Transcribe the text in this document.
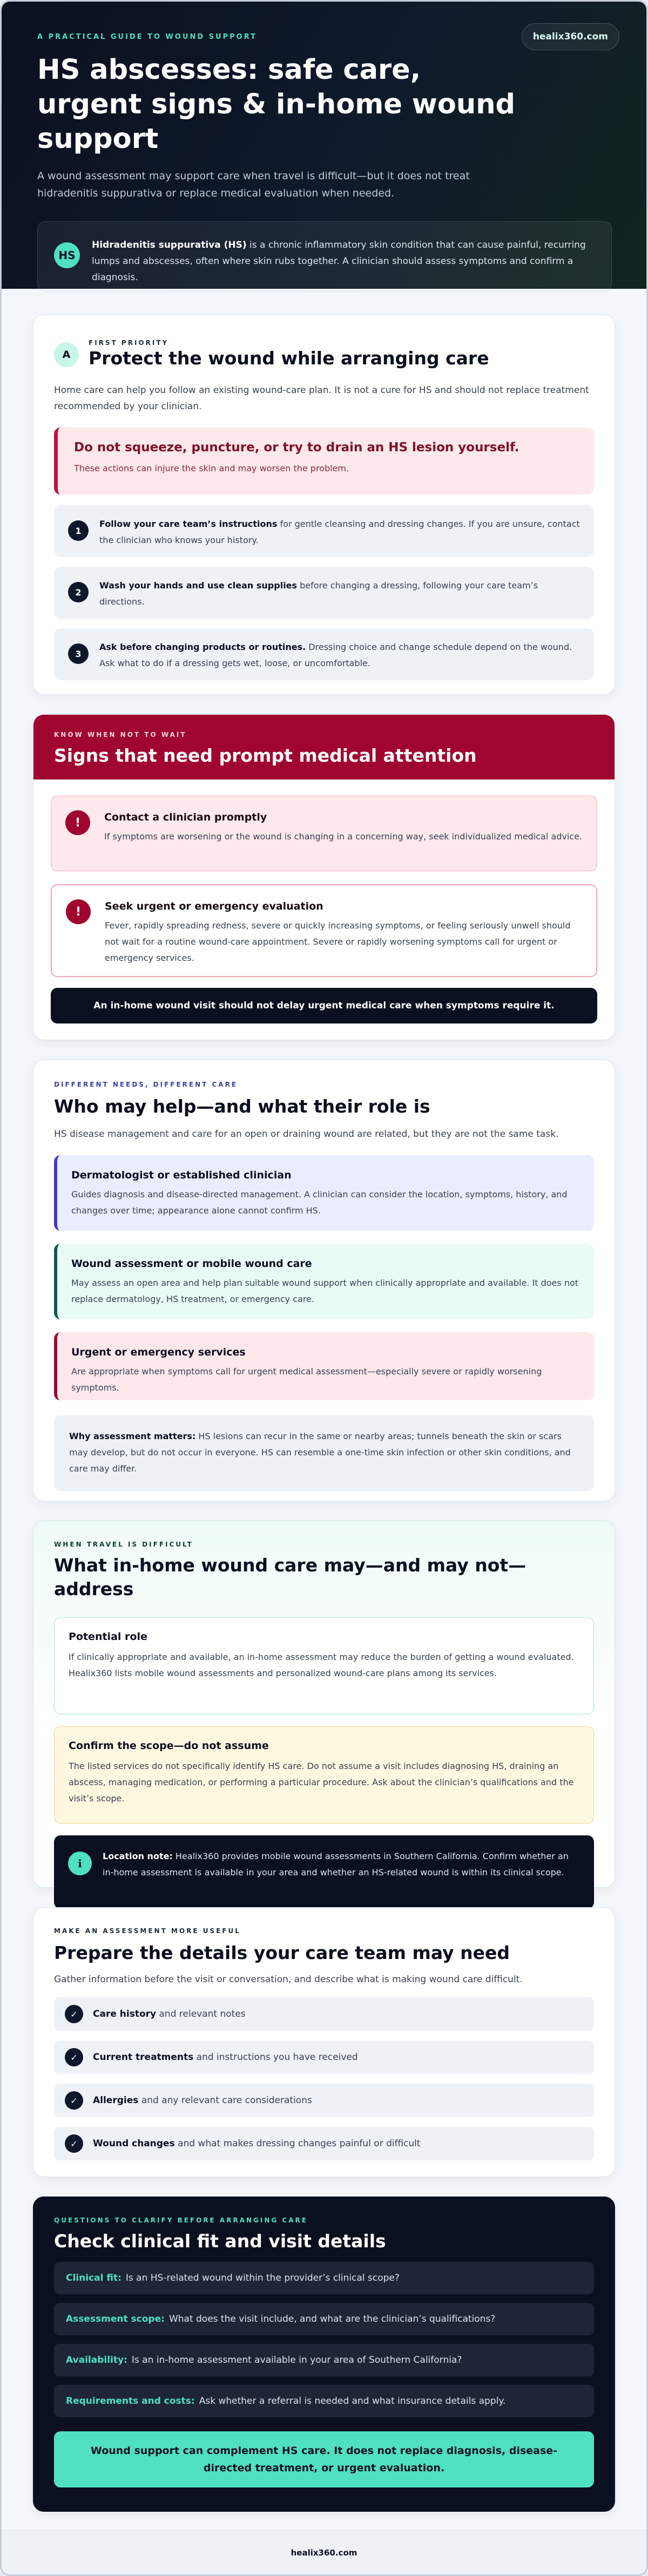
A PRACTICAL GUIDE TO WOUND SUPPORT	healix360.com
HS abscesses: safe care, urgent signs & in-home wound support

A wound assessment may support care when travel is difficult—but it does not treat hidradenitis suppurativa or replace medical evaluation when needed.

HS

Hidradenitis suppurativa (HS) is a chronic inflammatory skin condition that can cause painful, recurring lumps and abscesses, often where skin rubs together. A clinician should assess symptoms and confirm a diagnosis.

A
FIRST PRIORITY
Protect the wound while arranging care

Home care can help you follow an existing wound-care plan. It is not a cure for HS and should not replace treatment recommended by your clinician.

Do not squeeze, puncture, or try to drain an HS lesion yourself.
These actions can injure the skin and may worsen the problem.
1

Follow your care team’s instructions for gentle cleansing and dressing changes. If you are unsure, contact the clinician who knows your history.

2

Wash your hands and use clean supplies before changing a dressing, following your care team’s directions.

3

Ask before changing products or routines. Dressing choice and change schedule depend on the wound. Ask what to do if a dressing gets wet, loose, or uncomfortable.

KNOW WHEN NOT TO WAIT
Signs that need prompt medical attention
!	Contact a clinician promptly
If symptoms are worsening or the wound is changing in a concerning way, seek individualized medical advice.
!	Seek urgent or emergency evaluation
Fever, rapidly spreading redness, severe or quickly increasing symptoms, or feeling seriously unwell should not wait for a routine wound-care appointment. Severe or rapidly worsening symptoms call for urgent or emergency services.
An in-home wound visit should not delay urgent medical care when symptoms require it.
DIFFERENT NEEDS, DIFFERENT CARE
Who may help—and what their role is

HS disease management and care for an open or draining wound are related, but they are not the same task.

Dermatologist or established clinician
Guides diagnosis and disease-directed management. A clinician can consider the location, symptoms, history, and changes over time; appearance alone cannot confirm HS.
Wound assessment or mobile wound care
May assess an open area and help plan suitable wound support when clinically appropriate and available. It does not replace dermatology, HS treatment, or emergency care.
Urgent or emergency services
Are appropriate when symptoms call for urgent medical assessment—especially severe or rapidly worsening symptoms.
Why assessment matters: HS lesions can recur in the same or nearby areas; tunnels beneath the skin or scars may develop, but do not occur in everyone. HS can resemble a one-time skin infection or other skin conditions, and care may differ.
WHEN TRAVEL IS DIFFICULT
What in-home wound care may—and may not—address
Potential role
If clinically appropriate and available, an in-home assessment may reduce the burden of getting a wound evaluated. Healix360 lists mobile wound assessments and personalized wound-care plans among its services.
Confirm the scope—do not assume
The listed services do not specifically identify HS care. Do not assume a visit includes diagnosing HS, draining an abscess, managing medication, or performing a particular procedure. Ask about the clinician’s qualifications and the visit’s scope.
i

Location note: Healix360 provides mobile wound assessments in Southern California. Confirm whether an in-home assessment is available in your area and whether an HS-related wound is within its clinical scope.

MAKE AN ASSESSMENT MORE USEFUL
Prepare the details your care team may need

Gather information before the visit or conversation, and describe what is making wound care difficult.

✓	Care history and relevant notes
✓	Current treatments and instructions you have received
✓	Allergies and any relevant care considerations
✓	Wound changes and what makes dressing changes painful or difficult
QUESTIONS TO CLARIFY BEFORE ARRANGING CARE
Check clinical fit and visit details
Clinical fit: Is an HS-related wound within the provider’s clinical scope?
Assessment scope: What does the visit include, and what are the clinician’s qualifications?
Availability: Is an in-home assessment available in your area of Southern California?
Requirements and costs: Ask whether a referral is needed and what insurance details apply.
Wound support can complement HS care. It does not replace diagnosis, disease-directed treatment, or urgent evaluation.
healix360.com
